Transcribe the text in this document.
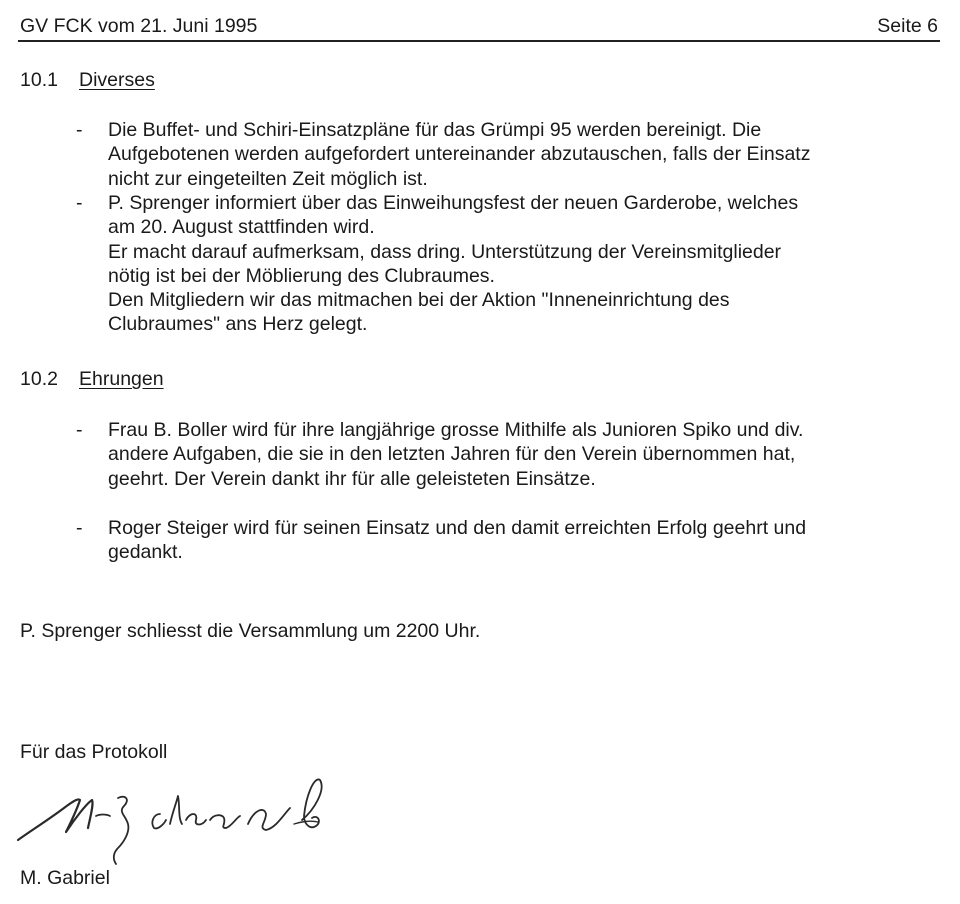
GV FCK vom 21. Juni 1995	Seite 6
10.1 Diverses
- Die Buffet- und Schiri-Einsatzpläne für das Grümpi 95 werden bereinigt. Die
Aufgebotenen werden aufgefordert untereinander abzutauschen, falls der Einsatz
nicht zur eingeteilten Zeit möglich ist.
- P. Sprenger informiert über das Einweihungsfest der neuen Garderobe, welches
am 20. August stattfinden wird.
Er macht darauf aufmerksam, dass dring. Unterstützung der Vereinsmitglieder
nötig ist bei der Möblierung des Clubraumes.
Den Mitgliedern wir das mitmachen bei der Aktion "Inneneinrichtung des
Clubraumes" ans Herz gelegt.
10.2 Ehrungen
- Frau B. Boller wird für ihre langjährige grosse Mithilfe als Junioren Spiko und div.
andere Aufgaben, die sie in den letzten Jahren für den Verein übernommen hat,
geehrt. Der Verein dankt ihr für alle geleisteten Einsätze.
- Roger Steiger wird für seinen Einsatz und den damit erreichten Erfolg geehrt und
gedankt.
P. Sprenger schliesst die Versammlung um 2200 Uhr.
Für das Protokoll
M. Gabriel
